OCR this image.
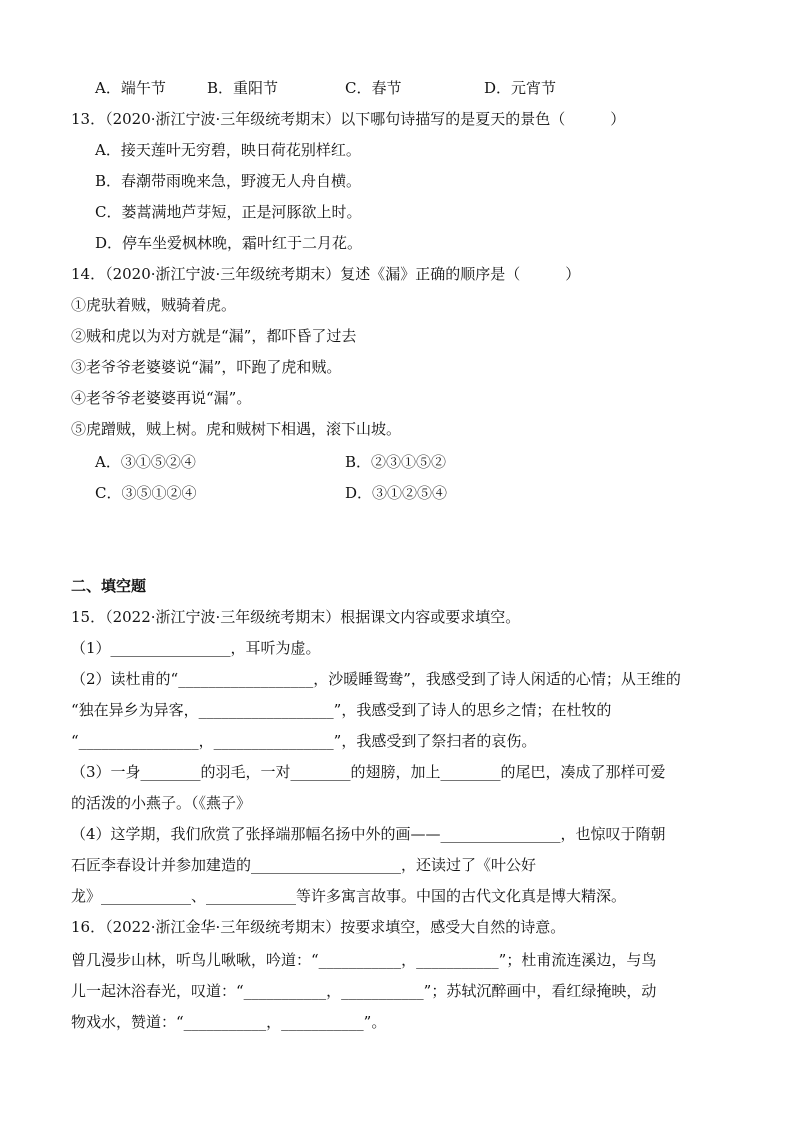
A．端午节	B．重阳节	C．春节	D．元宵节
13．（2020·浙江宁波·三年级统考期末）以下哪句诗描写的是夏天的景色（　　　）
A．接天莲叶无穷碧，映日荷花别样红。
B．春潮带雨晚来急，野渡无人舟自横。
C．蒌蒿满地芦芽短，正是河豚欲上时。
D．停车坐爱枫林晚，霜叶红于二月花。
14．（2020·浙江宁波·三年级统考期末）复述《漏》正确的顺序是（　　　）
①虎驮着贼，贼骑着虎。
②贼和虎以为对方就是“漏”，都吓昏了过去
③老爷爷老婆婆说“漏”，吓跑了虎和贼。
④老爷爷老婆婆再说“漏”。
⑤虎蹭贼，贼上树。虎和贼树下相遇，滚下山坡。
A．③①⑤②④	B．②③①⑤②
C．③⑤①②④	D．③①②⑤④
二、填空题
15．（2022·浙江宁波·三年级统考期末）根据课文内容或要求填空。
（1）________________，耳听为虚。
（2）读杜甫的“__________________，沙暖睡鸳鸯”，我感受到了诗人闲适的心情；从王维的
“独在异乡为异客，__________________”，我感受到了诗人的思乡之情；在杜牧的
“________________，________________”，我感受到了祭扫者的哀伤。
（3）一身________的羽毛，一对________的翅膀，加上________的尾巴，凑成了那样可爱
的活泼的小燕子。（《燕子》
（4）这学期，我们欣赏了张择端那幅名扬中外的画——________________，也惊叹于隋朝
石匠李春设计并参加建造的____________________，还读过了《叶公好
龙》____________、____________等许多寓言故事。中国的古代文化真是博大精深。
16．（2022·浙江金华·三年级统考期末）按要求填空，感受大自然的诗意。
曾几漫步山林，听鸟儿啾啾，吟道：“___________，___________”；杜甫流连溪边，与鸟
儿一起沐浴春光，叹道：“___________，___________”；苏轼沉醉画中，看红绿掩映，动
物戏水，赞道：“___________，___________”。
